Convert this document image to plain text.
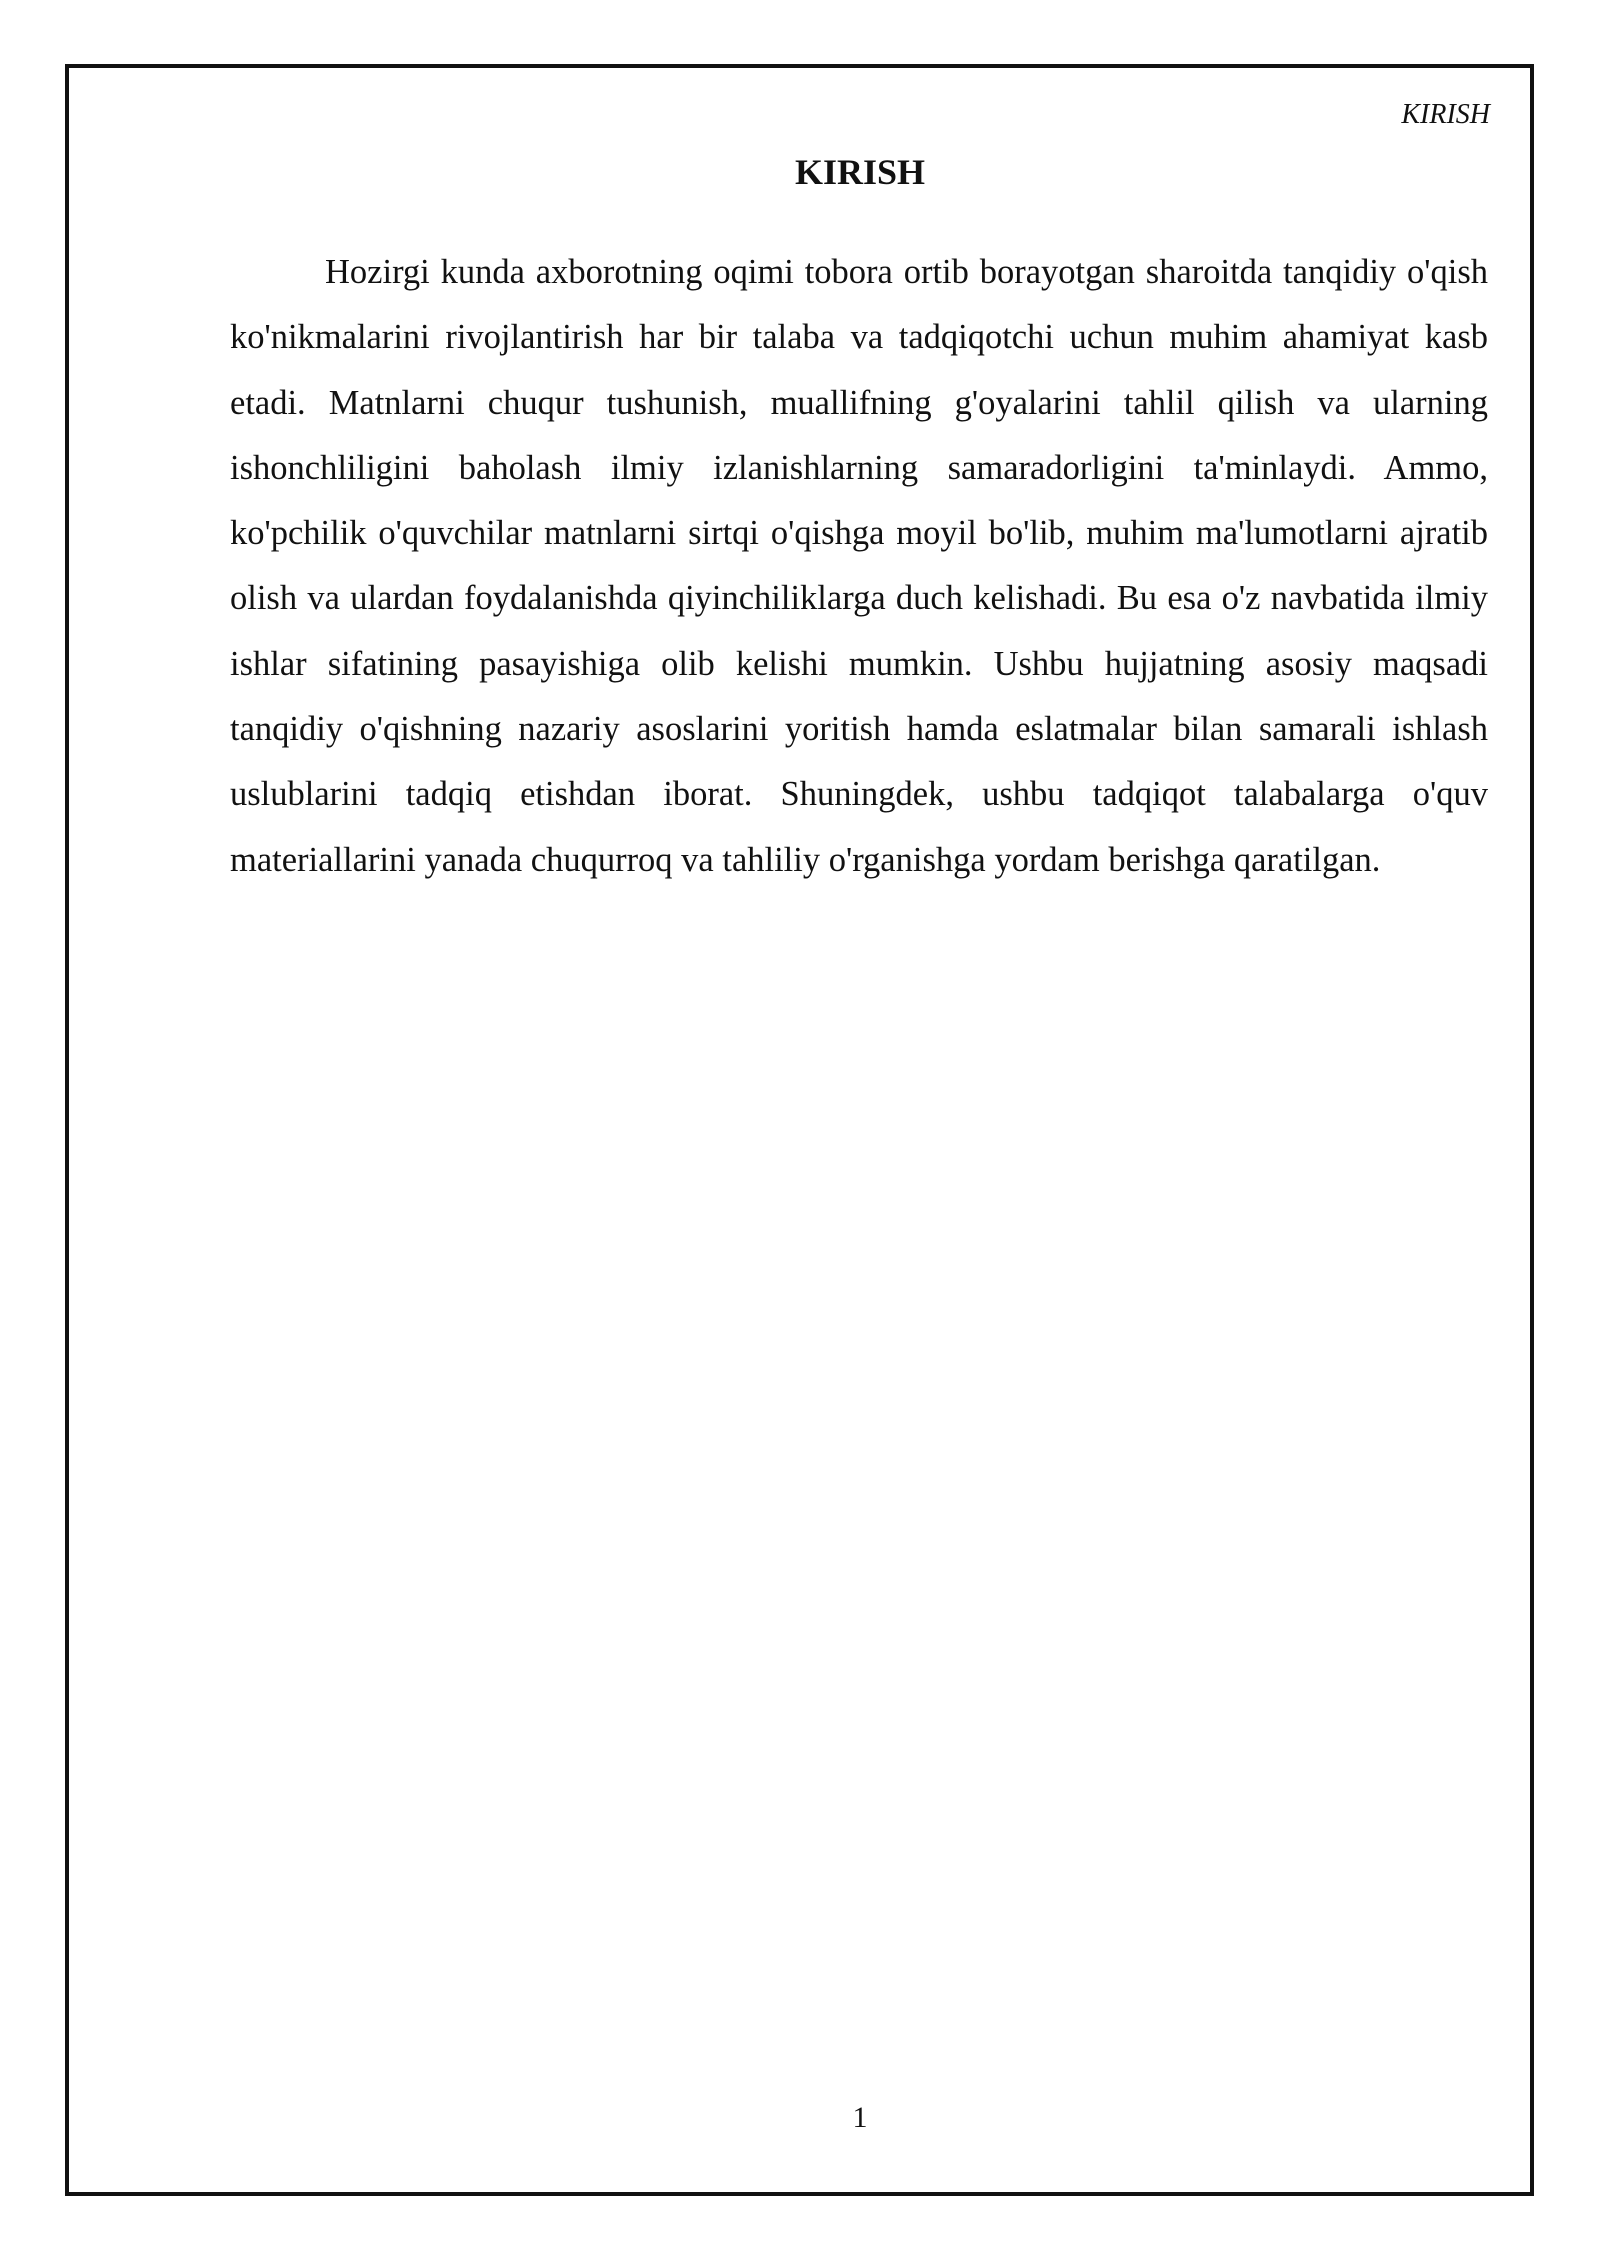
KIRISH
KIRISH

Hozirgi kunda axborotning oqimi tobora ortib borayotgan sharoitda tanqidiy o'qish ko'nikmalarini rivojlantirish har bir talaba va tadqiqotchi uchun muhim ahamiyat kasb etadi. Matnlarni chuqur tushunish, muallifning g'oyalarini tahlil qilish va ularning ishonchliligini baholash ilmiy izlanishlarning samaradorligini ta'minlaydi. Ammo, ko'pchilik o'quvchilar matnlarni sirtqi o'qishga moyil bo'lib, muhim ma'lumotlarni ajratib olish va ulardan foydalanishda qiyinchiliklarga duch kelishadi. Bu esa o'z navbatida ilmiy ishlar sifatining pasayishiga olib kelishi mumkin. Ushbu hujjatning asosiy maqsadi tanqidiy o'qishning nazariy asoslarini yoritish hamda eslatmalar bilan samarali ishlash uslublarini tadqiq etishdan iborat. Shuningdek, ushbu tadqiqot talabalarga o'quv materiallarini yanada chuqurroq va tahliliy o'rganishga yordam berishga qaratilgan.

1
